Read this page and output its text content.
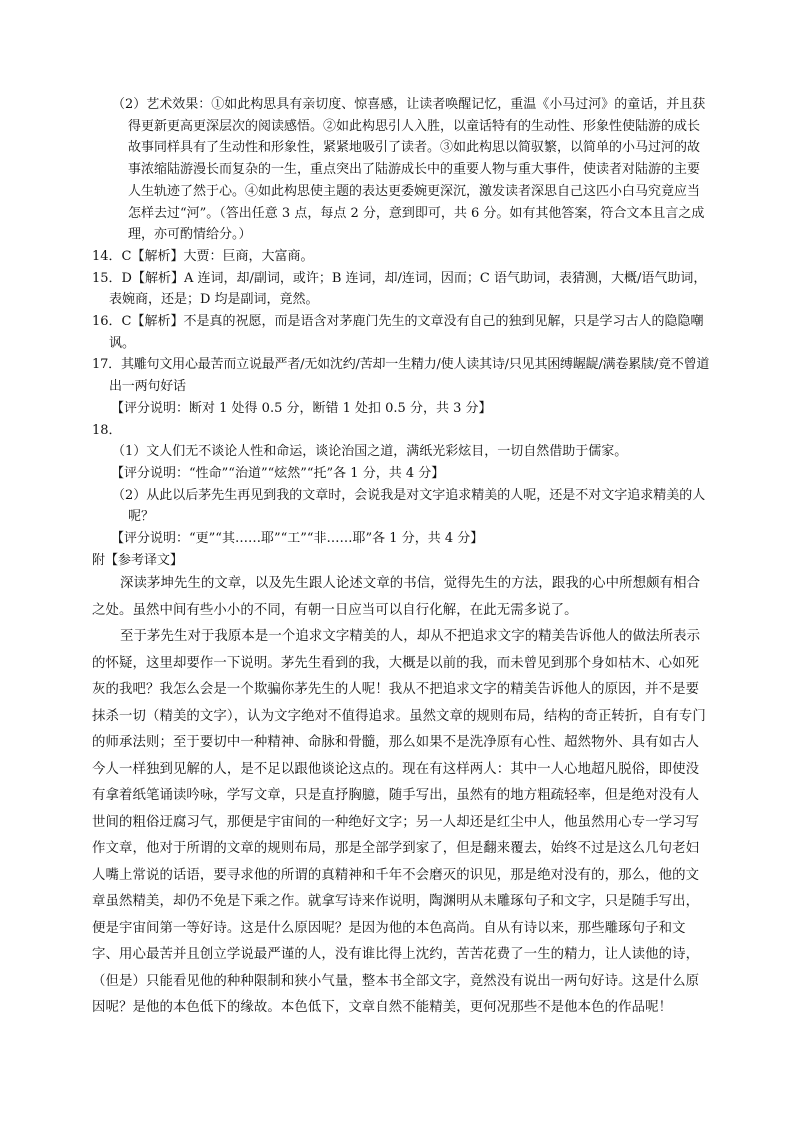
（2）艺术效果：①如此构思具有亲切度、惊喜感，让读者唤醒记忆，重温《小马过河》的童话，并且获得更新更高更深层次的阅读感悟。②如此构思引人入胜，以童话特有的生动性、形象性使陆游的成长故事同样具有了生动性和形象性，紧紧地吸引了读者。③如此构思以简驭繁，以简单的小马过河的故事浓缩陆游漫长而复杂的一生，重点突出了陆游成长中的重要人物与重大事件，使读者对陆游的主要人生轨迹了然于心。④如此构思使主题的表达更委婉更深沉，激发读者深思自己这匹小白马究竟应当怎样去过“河”。（答出任意 3 点，每点 2 分，意到即可，共 6 分。如有其他答案，符合文本且言之成理，亦可酌情给分。）

14．C【解析】大贾：巨商，大富商。

15．D【解析】A 连词，却/副词，或许；B 连词，却/连词，因而；C 语气助词，表猜测，大概/语气助词，表婉商，还是；D 均是副词，竟然。

16．C【解析】不是真的祝愿，而是语含对茅鹿门先生的文章没有自己的独到见解，只是学习古人的隐隐嘲讽。

17．其雕句文用心最苦而立说最严者/无如沈约/苦却一生精力/使人读其诗/只见其困缚龌龊/满卷累牍/竟不曾道出一两句好话

【评分说明：断对 1 处得 0.5 分，断错 1 处扣 0.5 分，共 3 分】

18．

（1）文人们无不谈论人性和命运，谈论治国之道，满纸光彩炫目，一切自然借助于儒家。

【评分说明：“性命”“治道”“炫然”“托”各 1 分，共 4 分】

（2）从此以后茅先生再见到我的文章时，会说我是对文字追求精美的人呢，还是不对文字追求精美的人呢？

【评分说明：“更”“其……耶”“工”“非……耶”各 1 分，共 4 分】

附【参考译文】

深读茅坤先生的文章，以及先生跟人论述文章的书信，觉得先生的方法，跟我的心中所想颇有相合之处。虽然中间有些小小的不同，有朝一日应当可以自行化解，在此无需多说了。

至于茅先生对于我原本是一个追求文字精美的人，却从不把追求文字的精美告诉他人的做法所表示的怀疑，这里却要作一下说明。茅先生看到的我，大概是以前的我，而未曾见到那个身如枯木、心如死灰的我吧？我怎么会是一个欺骗你茅先生的人呢！我从不把追求文字的精美告诉他人的原因，并不是要抹杀一切（精美的文字），认为文字绝对不值得追求。虽然文章的规则布局，结构的奇正转折，自有专门的师承法则；至于要切中一种精神、命脉和骨髓，那么如果不是洗净原有心性、超然物外、具有如古人今人一样独到见解的人，是不足以跟他谈论这点的。现在有这样两人：其中一人心地超凡脱俗，即使没有拿着纸笔诵读吟咏，学写文章，只是直抒胸臆，随手写出，虽然有的地方粗疏轻率，但是绝对没有人世间的粗俗迂腐习气，那便是宇宙间的一种绝好文字；另一人却还是红尘中人，他虽然用心专一学习写作文章，他对于所谓的文章的规则布局，那是全部学到家了，但是翻来覆去，始终不过是这么几句老妇人嘴上常说的话语，要寻求他的所谓的真精神和千年不会磨灭的识见，那是绝对没有的，那么，他的文章虽然精美，却仍不免是下乘之作。就拿写诗来作说明，陶渊明从未雕琢句子和文字，只是随手写出，便是宇宙间第一等好诗。这是什么原因呢？是因为他的本色高尚。自从有诗以来，那些雕琢句子和文字、用心最苦并且创立学说最严谨的人，没有谁比得上沈约，苦苦花费了一生的精力，让人读他的诗，（但是）只能看见他的种种限制和狭小气量，整本书全部文字，竟然没有说出一两句好诗。这是什么原因呢？是他的本色低下的缘故。本色低下，文章自然不能精美，更何况那些不是他本色的作品呢！
